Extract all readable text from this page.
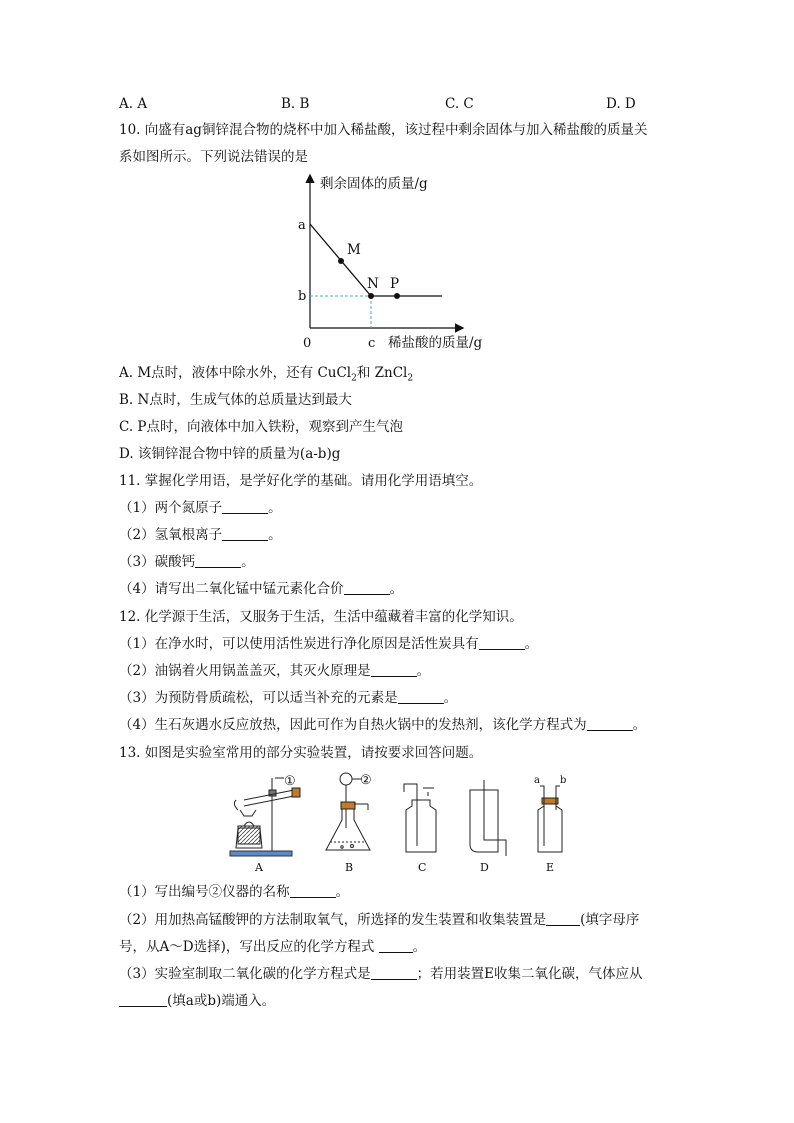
A. A	B. B	C. C	D. D
10. 向盛有ag铜锌混合物的烧杯中加入稀盐酸，该过程中剩余固体与加入稀盐酸的质量关
系如图所示。下列说法错误的是
剩余固体的质量/g
稀盐酸的质量/g
0
a
b
c
M
N P
A. M点时，液体中除水外，还有 CuCl$_2$和 ZnCl$_2$
B. N点时，生成气体的总质量达到最大
C. P点时，向液体中加入铁粉，观察到产生气泡
D. 该铜锌混合物中锌的质量为(a-b)g
11. 掌握化学用语，是学好化学的基础。请用化学用语填空。
（1）两个氮原子	。
（2）氢氧根离子	。
（3）碳酸钙	。
（4）请写出二氧化锰中锰元素化合价	。
12. 化学源于生活，又服务于生活，生活中蕴藏着丰富的化学知识。
（1）在净水时，可以使用活性炭进行净化原因是活性炭具有	。
（2）油锅着火用锅盖盖灭，其灭火原理是	。
（3）为预防骨质疏松，可以适当补充的元素是	。
（4）生石灰遇水反应放热，因此可作为自热火锅中的发热剂，该化学方程式为	。
13. 如图是实验室常用的部分实验装置，请按要求回答问题。
①
A
②
B	C	D
a b
E
（1）写出编号②仪器的名称	。
（2）用加热高锰酸钾的方法制取氧气，所选择的发生装置和收集装置是	(填字母序
号，从A～D选择)，写出反应的化学方程式	。
（3）实验室制取二氧化碳的化学方程式是	；若用装置E收集二氧化碳，气体应从
(填a或b)端通入。
